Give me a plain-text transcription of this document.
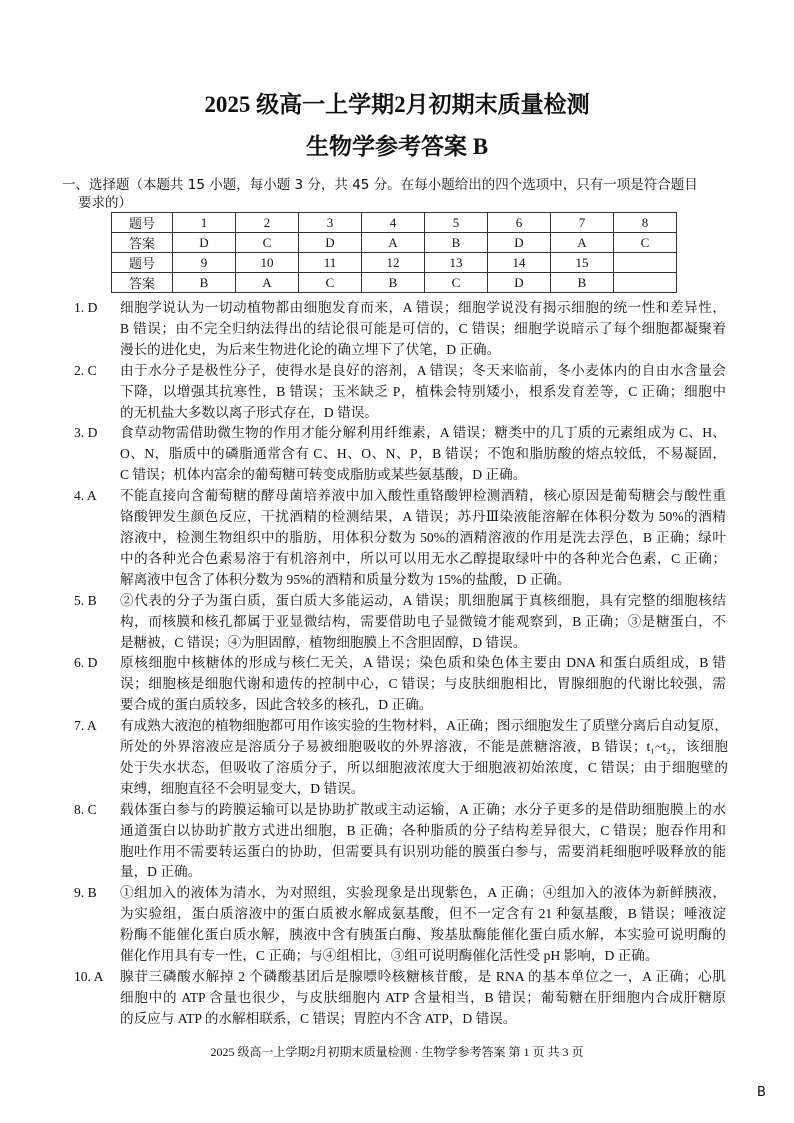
2025 级高一上学期2月初期末质量检测
生物学参考答案 B
一、选择题（本题共 15 小题，每小题 3 分，共 45 分。在每小题给出的四个选项中，只有一项是符合题目
要求的）
题号	1	2	3	4	5	6	7	8
答案	D	C	D	A	B	D	A	C
题号	9	10	11	12	13	14	15	
答案	B	A	C	B	C	D	B	
1. D	细胞学说认为一切动植物都由细胞发育而来，A 错误；细胞学说没有揭示细胞的统一性和差异性，
B 错误；由不完全归纳法得出的结论很可能是可信的，C 错误；细胞学说暗示了每个细胞都凝聚着
漫长的进化史，为后来生物进化论的确立埋下了伏笔，D 正确。
2. C	由于水分子是极性分子，使得水是良好的溶剂，A 错误；冬天来临前，冬小麦体内的自由水含量会
下降，以增强其抗寒性，B 错误；玉米缺乏 P，植株会特别矮小，根系发育差等，C 正确；细胞中
的无机盐大多数以离子形式存在，D 错误。
3. D	食草动物需借助微生物的作用才能分解利用纤维素，A 错误；糖类中的几丁质的元素组成为 C、H、
O、N，脂质中的磷脂通常含有 C、H、O、N、P，B 错误；不饱和脂肪酸的熔点较低，不易凝固，
C 错误；机体内富余的葡萄糖可转变成脂肪或某些氨基酸，D 正确。
4. A	不能直接向含葡萄糖的酵母菌培养液中加入酸性重铬酸钾检测酒精，核心原因是葡萄糖会与酸性重
铬酸钾发生颜色反应，干扰酒精的检测结果，A 错误；苏丹Ⅲ染液能溶解在体积分数为 50%的酒精
溶液中，检测生物组织中的脂肪，用体积分数为 50%的酒精溶液的作用是洗去浮色，B 正确；绿叶
中的各种光合色素易溶于有机溶剂中，所以可以用无水乙醇提取绿叶中的各种光合色素，C 正确；
解离液中包含了体积分数为 95%的酒精和质量分数为 15%的盐酸，D 正确。
5. B	②代表的分子为蛋白质，蛋白质大多能运动，A 错误；肌细胞属于真核细胞，具有完整的细胞核结
构，而核膜和核孔都属于亚显微结构，需要借助电子显微镜才能观察到，B 正确；③是糖蛋白，不
是糖被，C 错误；④为胆固醇，植物细胞膜上不含胆固醇，D 错误。
6. D	原核细胞中核糖体的形成与核仁无关，A 错误；染色质和染色体主要由 DNA 和蛋白质组成，B 错
误；细胞核是细胞代谢和遗传的控制中心，C 错误；与皮肤细胞相比，胃腺细胞的代谢比较强，需
要合成的蛋白质较多，因此含较多的核孔，D 正确。
7. A	有成熟大液泡的植物细胞都可用作该实验的生物材料，A正确；图示细胞发生了质壁分离后自动复原，
所处的外界溶液应是溶质分子易被细胞吸收的外界溶液，不能是蔗糖溶液，B 错误；t₁~t₂，该细胞
处于失水状态，但吸收了溶质分子，所以细胞液浓度大于细胞液初始浓度，C 错误；由于细胞壁的
束缚，细胞直径不会明显变大，D 错误。
8. C	载体蛋白参与的跨膜运输可以是协助扩散或主动运输，A 正确；水分子更多的是借助细胞膜上的水
通道蛋白以协助扩散方式进出细胞，B 正确；各种脂质的分子结构差异很大，C 错误；胞吞作用和
胞吐作用不需要转运蛋白的协助，但需要具有识别功能的膜蛋白参与，需要消耗细胞呼吸释放的能
量，D 正确。
9. B	①组加入的液体为清水，为对照组，实验现象是出现紫色，A 正确；④组加入的液体为新鲜胰液，
为实验组，蛋白质溶液中的蛋白质被水解成氨基酸，但不一定含有 21 种氨基酸，B 错误；唾液淀
粉酶不能催化蛋白质水解，胰液中含有胰蛋白酶、羧基肽酶能催化蛋白质水解，本实验可说明酶的
催化作用具有专一性，C 正确；与④组相比，③组可说明酶催化活性受 pH 影响，D 正确。
10. A	腺苷三磷酸水解掉 2 个磷酸基团后是腺嘌呤核糖核苷酸，是 RNA 的基本单位之一，A 正确；心肌
细胞中的 ATP 含量也很少，与皮肤细胞内 ATP 含量相当，B 错误；葡萄糖在肝细胞内合成肝糖原
的反应与 ATP 的水解相联系，C 错误；胃腔内不含 ATP，D 错误。
2025 级高一上学期2月初期末质量检测 · 生物学参考答案 第 1 页 共 3 页
B
